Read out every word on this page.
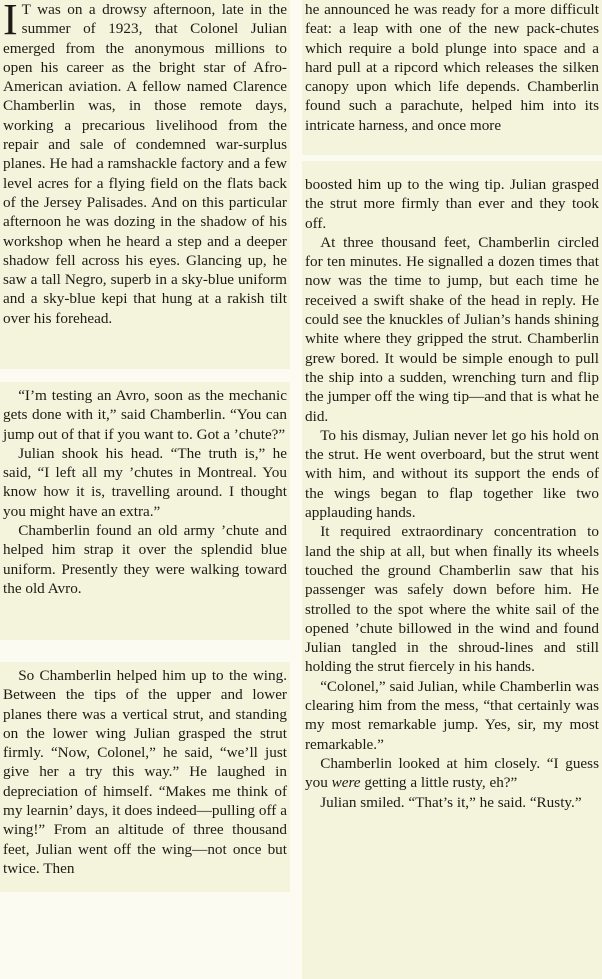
I T was on a drowsy afternoon, late in the summer of 1923, that Colonel Julian emerged from the anonymous millions to open his career as the bright star of Afro-American aviation. A fellow named Clarence Chamberlin was, in those remote days, working a precarious livelihood from the repair and sale of condemned war-surplus planes. He had a ramshackle factory and a few level acres for a flying field on the flats back of the Jersey Palisades. And on this particular afternoon he was dozing in the shadow of his workshop when he heard a step and a deeper shadow fell across his eyes. Glancing up, he saw a tall Negro, superb in a sky-blue uniform and a sky-blue kepi that hung at a rakish tilt over his forehead.

“I’m testing an Avro, soon as the mechanic gets done with it,” said Chamberlin. “You can jump out of that if you want to. Got a ’chute?”

Julian shook his head. “The truth is,” he said, “I left all my ’chutes in Montreal. You know how it is, travelling around. I thought you might have an extra.”

Chamberlin found an old army ’chute and helped him strap it over the splendid blue uniform. Presently they were walking toward the old Avro.

So Chamberlin helped him up to the wing. Between the tips of the upper and lower planes there was a vertical strut, and standing on the lower wing Julian grasped the strut firmly. “Now, Colonel,” he said, “we’ll just give her a try this way.” He laughed in depreciation of himself. “Makes me think of my learnin’ days, it does indeed—pulling off a wing!” From an altitude of three thousand feet, Julian went off the wing—not once but twice. Then

he announced he was ready for a more difficult feat: a leap with one of the new pack-chutes which require a bold plunge into space and a hard pull at a ripcord which releases the silken canopy upon which life depends. Chamberlin found such a parachute, helped him into its intricate harness, and once more

boosted him up to the wing tip. Julian grasped the strut more firmly than ever and they took off.

At three thousand feet, Chamberlin circled for ten minutes. He signalled a dozen times that now was the time to jump, but each time he received a swift shake of the head in reply. He could see the knuckles of Julian’s hands shining white where they gripped the strut. Chamberlin grew bored. It would be simple enough to pull the ship into a sudden, wrenching turn and flip the jumper off the wing tip—and that is what he did.

To his dismay, Julian never let go his hold on the strut. He went overboard, but the strut went with him, and without its support the ends of the wings began to flap together like two applauding hands.

It required extraordinary concentration to land the ship at all, but when finally its wheels touched the ground Chamberlin saw that his passenger was safely down before him. He strolled to the spot where the white sail of the opened ’chute billowed in the wind and found Julian tangled in the shroud-lines and still holding the strut fiercely in his hands.

“Colonel,” said Julian, while Chamberlin was clearing him from the mess, “that certainly was my most remarkable jump. Yes, sir, my most remarkable.”

Chamberlin looked at him closely. “I guess you were getting a little rusty, eh?”

Julian smiled. “That’s it,” he said. “Rusty.”
